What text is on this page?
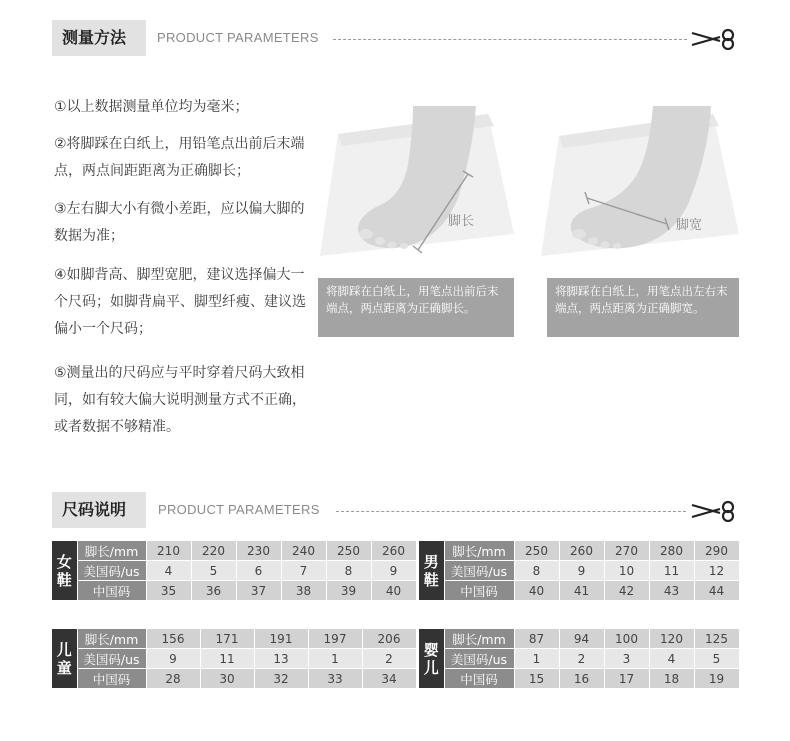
测量方法	PRODUCT PARAMETERS
①以上数据测量单位均为毫米；
②将脚踩在白纸上，用铅笔点出前后末端点，两点间距距离为正确脚长；
③左右脚大小有微小差距，应以偏大脚的数据为准；
④如脚背高、脚型宽肥，建议选择偏大一个尺码；如脚背扁平、脚型纤瘦、建议选偏小一个尺码；
⑤测量出的尺码应与平时穿着尺码大致相同，如有较大偏大说明测量方式不正确，或者数据不够精准。
脚长
将脚踩在白纸上，用笔点出前后末端点，两点距离为正确脚长。
脚宽
将脚踩在白纸上，用笔点出左右末端点，两点距离为正确脚宽。
尺码说明	PRODUCT PARAMETERS
女鞋	脚长/mm	210	220	230	240	250	260
	美国码/us	4	5	6	7	8	9
	中国码	35	36	37	38	39	40
男鞋	脚长/mm	250	260	270	280	290
	美国码/us	8	9	10	11	12
	中国码	40	41	42	43	44
儿童	脚长/mm	156	171	191	197	206
	美国码/us	9	11	13	1	2
	中国码	28	30	32	33	34
婴儿	脚长/mm	87	94	100	120	125
	美国码/us	1	2	3	4	5
	中国码	15	16	17	18	19
